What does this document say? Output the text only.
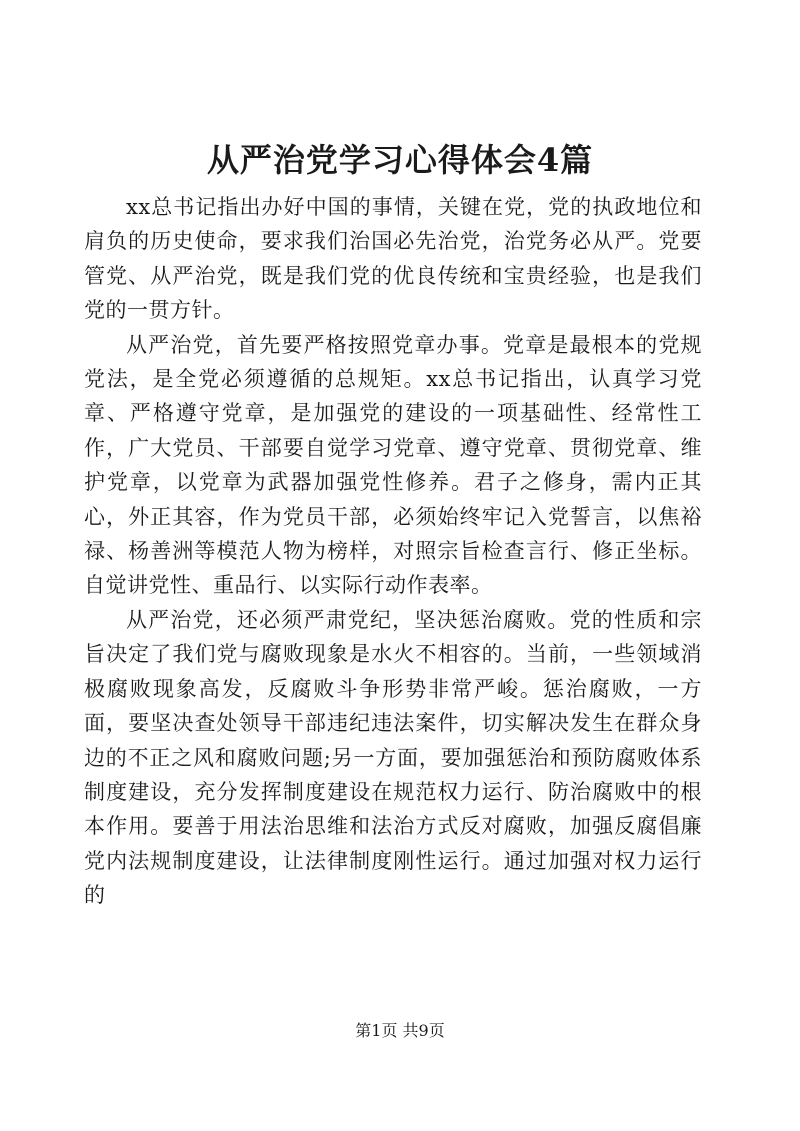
从严治党学习心得体会4篇

xx总书记指出办好中国的事情，关键在党，党的执政地位和肩负的历史使命，要求我们治国必先治党，治党务必从严。党要管党、从严治党，既是我们党的优良传统和宝贵经验，也是我们党的一贯方针。

从严治党，首先要严格按照党章办事。党章是最根本的党规党法，是全党必须遵循的总规矩。xx总书记指出，认真学习党章、严格遵守党章，是加强党的建设的一项基础性、经常性工作，广大党员、干部要自觉学习党章、遵守党章、贯彻党章、维护党章，以党章为武器加强党性修养。君子之修身，需内正其心，外正其容，作为党员干部，必须始终牢记入党誓言，以焦裕禄、杨善洲等模范人物为榜样，对照宗旨检查言行、修正坐标。自觉讲党性、重品行、以实际行动作表率。

从严治党，还必须严肃党纪，坚决惩治腐败。党的性质和宗旨决定了我们党与腐败现象是水火不相容的。当前，一些领域消极腐败现象高发，反腐败斗争形势非常严峻。惩治腐败，一方面，要坚决查处领导干部违纪违法案件，切实解决发生在群众身边的不正之风和腐败问题;另一方面，要加强惩治和预防腐败体系制度建设，充分发挥制度建设在规范权力运行、防治腐败中的根本作用。要善于用法治思维和法治方式反对腐败，加强反腐倡廉党内法规制度建设，让法律制度刚性运行。通过加强对权力运行的

第1页 共9页
